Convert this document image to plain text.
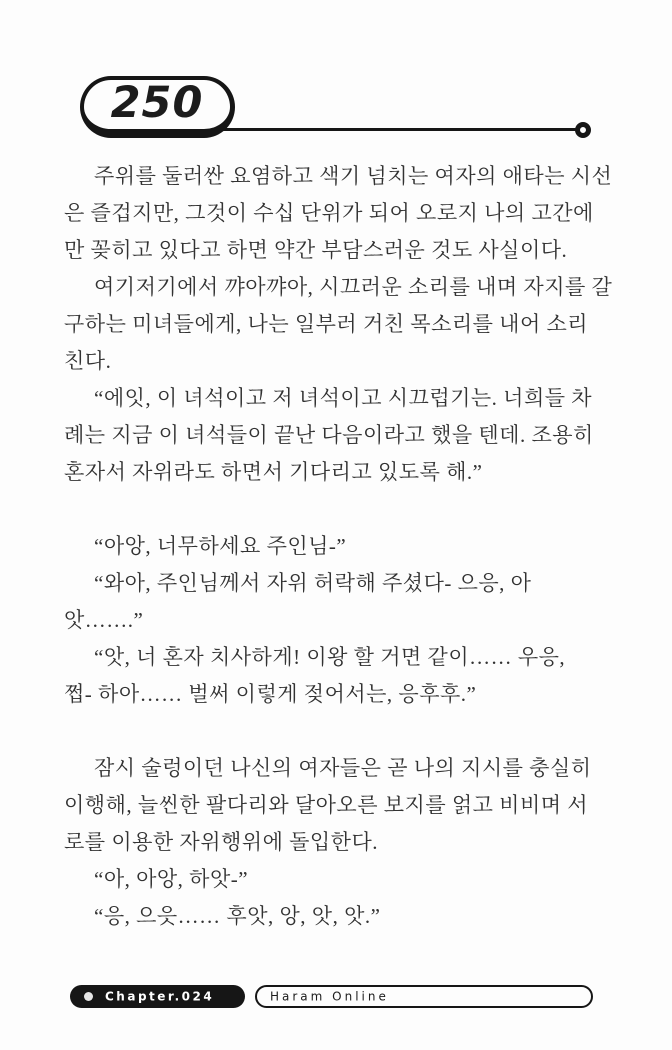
250
주위를 둘러싼 요염하고 색기 넘치는 여자의 애타는 시선
은 즐겁지만, 그것이 수십 단위가 되어 오로지 나의 고간에
만 꽂히고 있다고 하면 약간 부담스러운 것도 사실이다.
여기저기에서 꺄아꺄아, 시끄러운 소리를 내며 자지를 갈
구하는 미녀들에게, 나는 일부러 거친 목소리를 내어 소리
친다.
“에잇, 이 녀석이고 저 녀석이고 시끄럽기는. 너희들 차
례는 지금 이 녀석들이 끝난 다음이라고 했을 텐데. 조용히
혼자서 자위라도 하면서 기다리고 있도록 해.”
“아앙, 너무하세요 주인님-”
“와아, 주인님께서 자위 허락해 주셨다- 으응, 아
앗…….”
“앗, 너 혼자 치사하게! 이왕 할 거면 같이…… 우응,
쩝- 하아…… 벌써 이렇게 젖어서는, 응후후.”
잠시 술렁이던 나신의 여자들은 곧 나의 지시를 충실히
이행해, 늘씬한 팔다리와 달아오른 보지를 얽고 비비며 서
로를 이용한 자위행위에 돌입한다.
“아, 아앙, 하앗-”
“응, 으읏…… 후앗, 앙, 앗, 앗.”
Chapter.024	Haram Online
